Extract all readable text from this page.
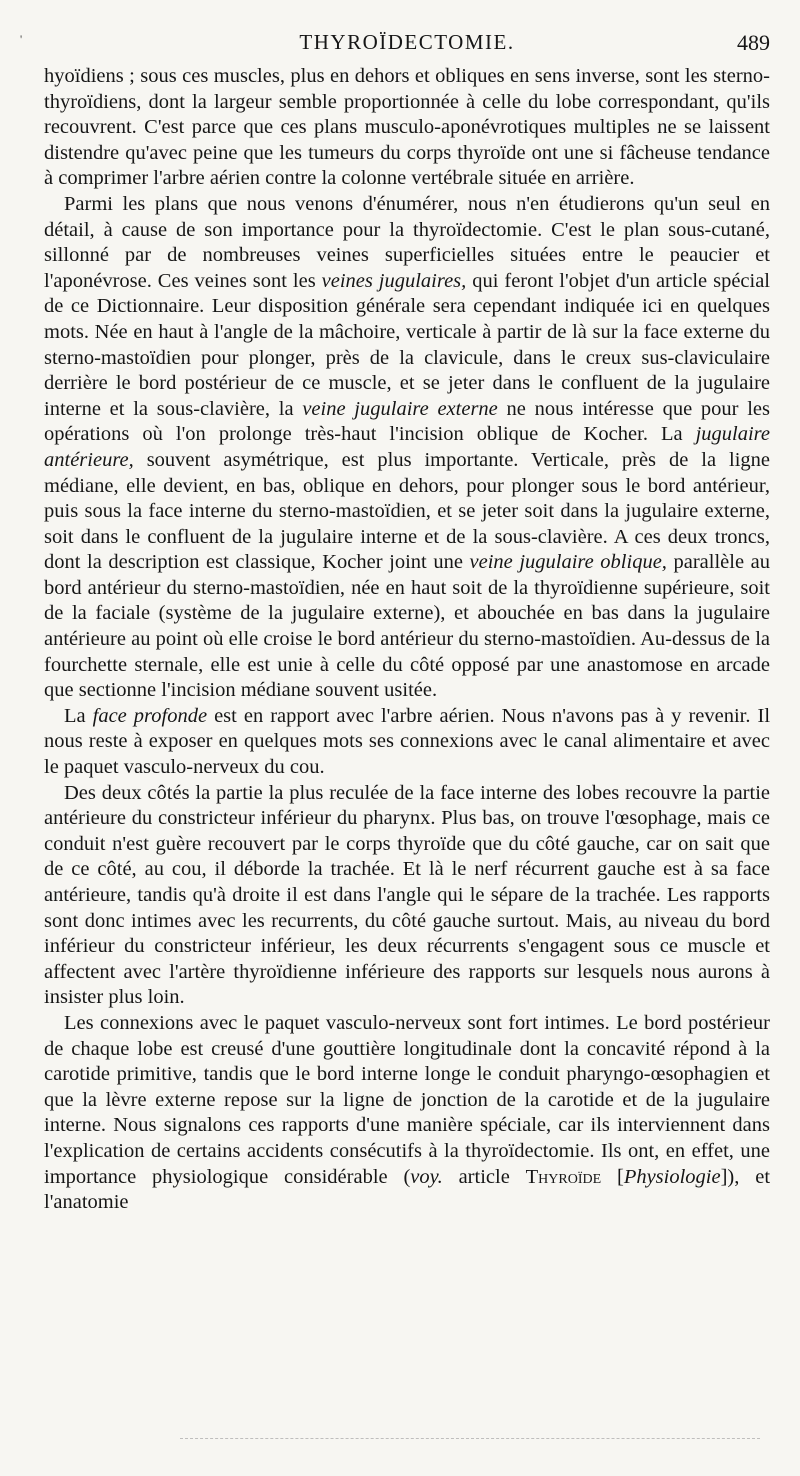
'	THYROÏDECTOMIE.	489

hyoïdiens ; sous ces muscles, plus en dehors et obliques en sens inverse, sont les sterno-thyroïdiens, dont la largeur semble proportionnée à celle du lobe correspondant, qu'ils recouvrent. C'est parce que ces plans musculo-aponévrotiques multiples ne se laissent distendre qu'avec peine que les tumeurs du corps thyroïde ont une si fâcheuse tendance à comprimer l'arbre aérien contre la colonne vertébrale située en arrière.

Parmi les plans que nous venons d'énumérer, nous n'en étudierons qu'un seul en détail, à cause de son importance pour la thyroïdectomie. C'est le plan sous-cutané, sillonné par de nombreuses veines superficielles situées entre le peaucier et l'aponévrose. Ces veines sont les veines jugulaires, qui feront l'objet d'un article spécial de ce Dictionnaire. Leur disposition générale sera cependant indiquée ici en quelques mots. Née en haut à l'angle de la mâchoire, verticale à partir de là sur la face externe du sterno-mastoïdien pour plonger, près de la clavicule, dans le creux sus-claviculaire derrière le bord postérieur de ce muscle, et se jeter dans le confluent de la jugulaire interne et la sous-clavière, la veine jugulaire externe ne nous intéresse que pour les opérations où l'on prolonge très-haut l'incision oblique de Kocher. La jugulaire antérieure, souvent asymétrique, est plus importante. Verticale, près de la ligne médiane, elle devient, en bas, oblique en dehors, pour plonger sous le bord antérieur, puis sous la face interne du sterno-mastoïdien, et se jeter soit dans la jugulaire externe, soit dans le confluent de la jugulaire interne et de la sous-clavière. A ces deux troncs, dont la description est classique, Kocher joint une veine jugulaire oblique, parallèle au bord antérieur du sterno-mastoïdien, née en haut soit de la thyroïdienne supérieure, soit de la faciale (système de la jugulaire externe), et abouchée en bas dans la jugulaire antérieure au point où elle croise le bord antérieur du sterno-mastoïdien. Au-dessus de la fourchette sternale, elle est unie à celle du côté opposé par une anastomose en arcade que sectionne l'incision médiane souvent usitée.

La face profonde est en rapport avec l'arbre aérien. Nous n'avons pas à y revenir. Il nous reste à exposer en quelques mots ses connexions avec le canal alimentaire et avec le paquet vasculo-nerveux du cou.

Des deux côtés la partie la plus reculée de la face interne des lobes recouvre la partie antérieure du constricteur inférieur du pharynx. Plus bas, on trouve l'œsophage, mais ce conduit n'est guère recouvert par le corps thyroïde que du côté gauche, car on sait que de ce côté, au cou, il déborde la trachée. Et là le nerf récurrent gauche est à sa face antérieure, tandis qu'à droite il est dans l'angle qui le sépare de la trachée. Les rapports sont donc intimes avec les recurrents, du côté gauche surtout. Mais, au niveau du bord inférieur du constricteur inférieur, les deux récurrents s'engagent sous ce muscle et affectent avec l'artère thyroïdienne inférieure des rapports sur lesquels nous aurons à insister plus loin.

Les connexions avec le paquet vasculo-nerveux sont fort intimes. Le bord postérieur de chaque lobe est creusé d'une gouttière longitudinale dont la concavité répond à la carotide primitive, tandis que le bord interne longe le conduit pharyngo-œsophagien et que la lèvre externe repose sur la ligne de jonction de la carotide et de la jugulaire interne. Nous signalons ces rapports d'une manière spéciale, car ils interviennent dans l'explication de certains accidents consécutifs à la thyroïdectomie. Ils ont, en effet, une importance physiologique considérable (voy. article Thyroïde [Physiologie]), et l'anatomie
